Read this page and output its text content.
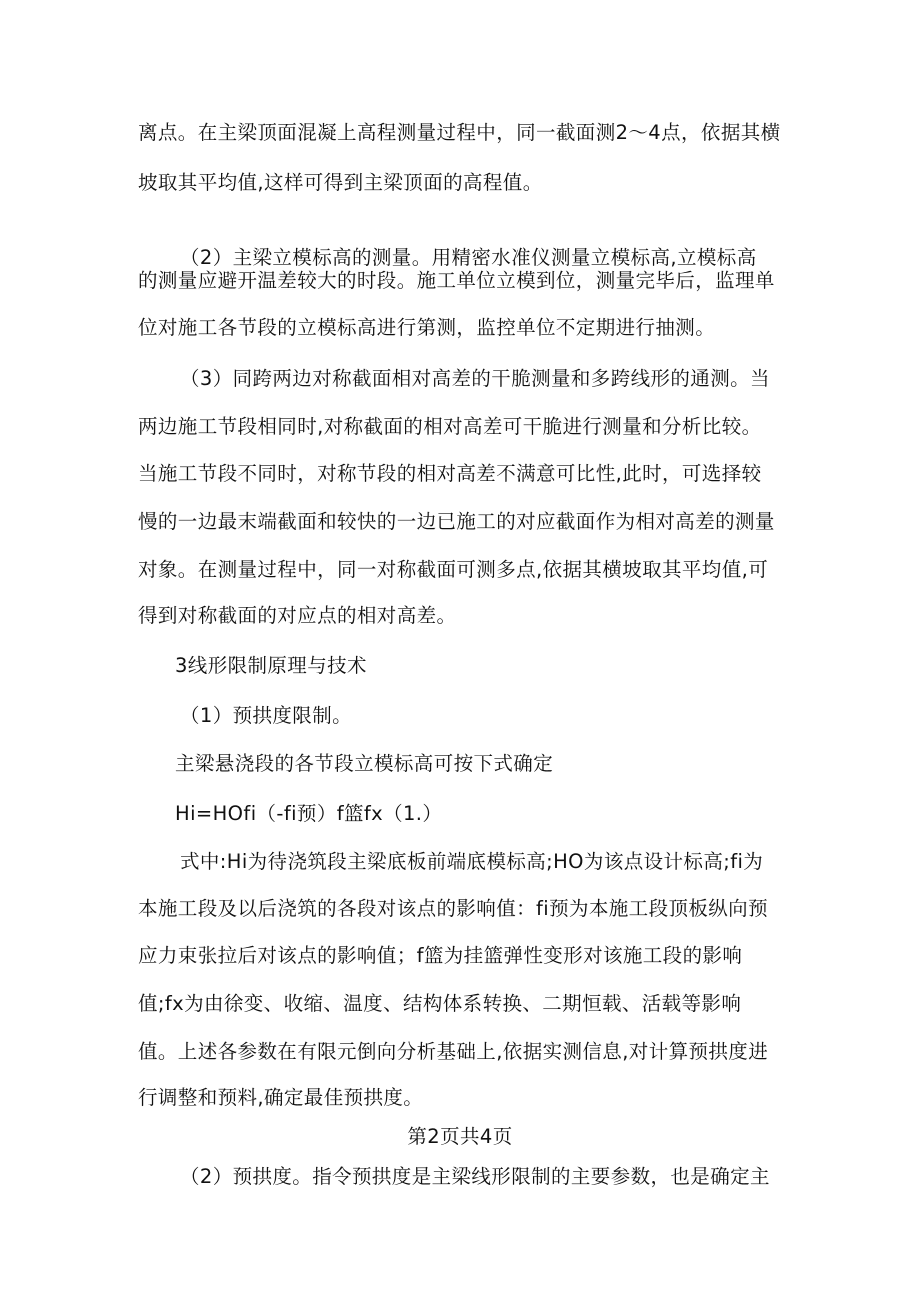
离点。在主梁顶面混凝上高程测量过程中，同一截面测2～4点，依据其横
坡取其平均值,这样可得到主梁顶面的高程值。
（2）主梁立模标高的测量。用精密水准仪测量立模标高,立模标高
的测量应避开温差较大的时段。施工单位立模到位，测量完毕后，监理单
位对施工各节段的立模标高进行第测，监控单位不定期进行抽测。
（3）同跨两边对称截面相对高差的干脆测量和多跨线形的通测。当
两边施工节段相同时,对称截面的相对高差可干脆进行测量和分析比较。
当施工节段不同时，对称节段的相对高差不满意可比性,此时，可选择较
慢的一边最末端截面和较快的一边已施工的对应截面作为相对高差的测量
对象。在测量过程中，同一对称截面可测多点,依据其横坡取其平均值,可
得到对称截面的对应点的相对高差。
3线形限制原理与技术
（1）预拱度限制。
主梁悬浇段的各节段立模标高可按下式确定
Hi=HOfi（-fi预）f篮fx（1.）
式中:Hi为待浇筑段主梁底板前端底模标高;HO为该点设计标高;fi为
本施工段及以后浇筑的各段对该点的影响值：fi预为本施工段顶板纵向预
应力束张拉后对该点的影响值；f篮为挂篮弹性变形对该施工段的影响
值;fx为由徐变、收缩、温度、结构体系转换、二期恒载、活载等影响
值。上述各参数在有限元倒向分析基础上,依据实测信息,对计算预拱度进
行调整和预料,确定最佳预拱度。
第2页共4页
（2）预拱度。指令预拱度是主梁线形限制的主要参数，也是确定主
